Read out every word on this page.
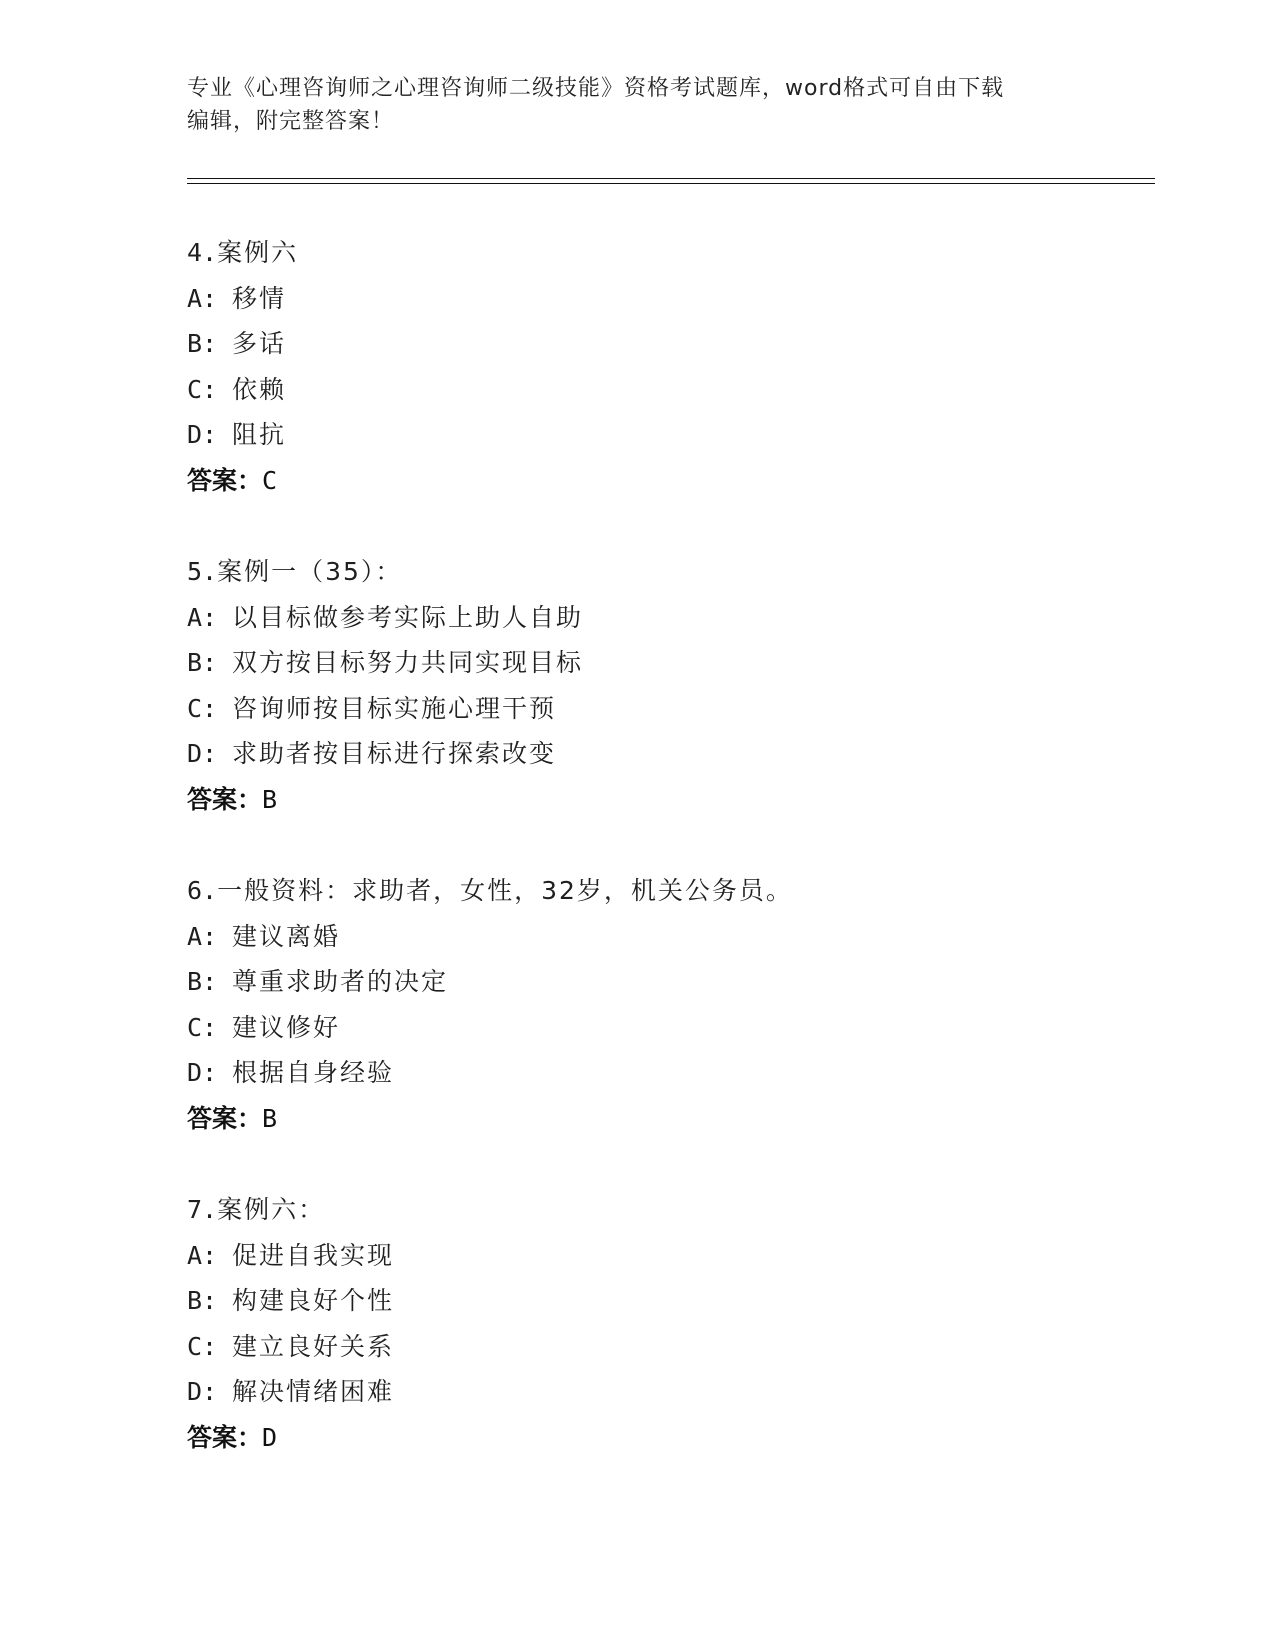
专业《心理咨询师之心理咨询师二级技能》资格考试题库，word格式可自由下载
编辑，附完整答案！
4.案例六
A: 移情
B: 多话
C: 依赖
D: 阻抗
答案：C
5.案例一（35）：
A: 以目标做参考实际上助人自助
B: 双方按目标努力共同实现目标
C: 咨询师按目标实施心理干预
D: 求助者按目标进行探索改变
答案：B
6.一般资料：求助者，女性，32岁，机关公务员。
A: 建议离婚
B: 尊重求助者的决定
C: 建议修好
D: 根据自身经验
答案：B
7.案例六：
A: 促进自我实现
B: 构建良好个性
C: 建立良好关系
D: 解决情绪困难
答案：D
